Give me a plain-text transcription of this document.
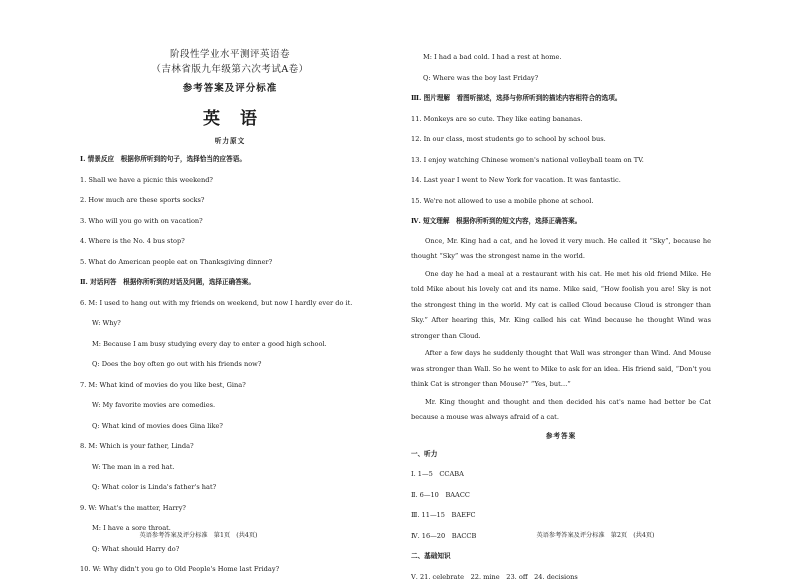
阶段性学业水平测评英语卷
（吉林省版九年级第六次考试A卷）
参考答案及评分标准
英语
听力原文
Ⅰ. 情景反应　根据你所听到的句子，选择恰当的应答语。
1. Shall we have a picnic this weekend?
2. How much are these sports socks?
3. Who will you go with on vacation?
4. Where is the No. 4 bus stop?
5. What do American people eat on Thanksgiving dinner?
Ⅱ. 对话问答　根据你所听到的对话及问题，选择正确答案。
6. M: I used to hang out with my friends on weekend, but now I hardly ever do it.
W: Why?
M: Because I am busy studying every day to enter a good high school.
Q: Does the boy often go out with his friends now?
7. M: What kind of movies do you like best, Gina?
W: My favorite movies are comedies.
Q: What kind of movies does Gina like?
8. M: Which is your father, Linda?
W: The man in a red hat.
Q: What color is Linda's father's hat?
9. W: What's the matter, Harry?
M: I have a sore throat.
Q: What should Harry do?
10. W: Why didn't you go to Old People's Home last Friday?
英语参考答案及评分标准　第1页　(共4页)
M: I had a bad cold. I had a rest at home.
Q: Where was the boy last Friday?
Ⅲ. 图片理解　看图听描述，选择与你所听到的描述内容相符合的选项。
11. Monkeys are so cute. They like eating bananas.
12. In our class, most students go to school by school bus.
13. I enjoy watching Chinese women's national volleyball team on TV.
14. Last year I went to New York for vacation. It was fantastic.
15. We're not allowed to use a mobile phone at school.
Ⅳ. 短文理解　根据你所听到的短文内容，选择正确答案。
Once, Mr. King had a cat, and he loved it very much. He called it “Sky”, because he thought “Sky” was the strongest name in the world.
One day he had a meal at a restaurant with his cat. He met his old friend Mike. He told Mike about his lovely cat and its name. Mike said, “How foolish you are! Sky is not the strongest thing in the world. My cat is called Cloud because Cloud is stronger than Sky.” After hearing this, Mr. King called his cat Wind because he thought Wind was stronger than Cloud.
After a few days he suddenly thought that Wall was stronger than Wind. And Mouse was stronger than Wall. So he went to Mike to ask for an idea. His friend said, “Don't you think Cat is stronger than Mouse?” “Yes, but…”
Mr. King thought and thought and then decided his cat's name had better be Cat because a mouse was always afraid of a cat.
参考答案
一、听力
Ⅰ. 1—5　CCABA
Ⅱ. 6—10　BAACC
Ⅲ. 11—15　BAEFC
Ⅳ. 16—20　BACCB
二、基础知识
Ⅴ. 21. celebrate　22. mine　23. off　24. decisions
英语参考答案及评分标准　第2页　(共4页)
